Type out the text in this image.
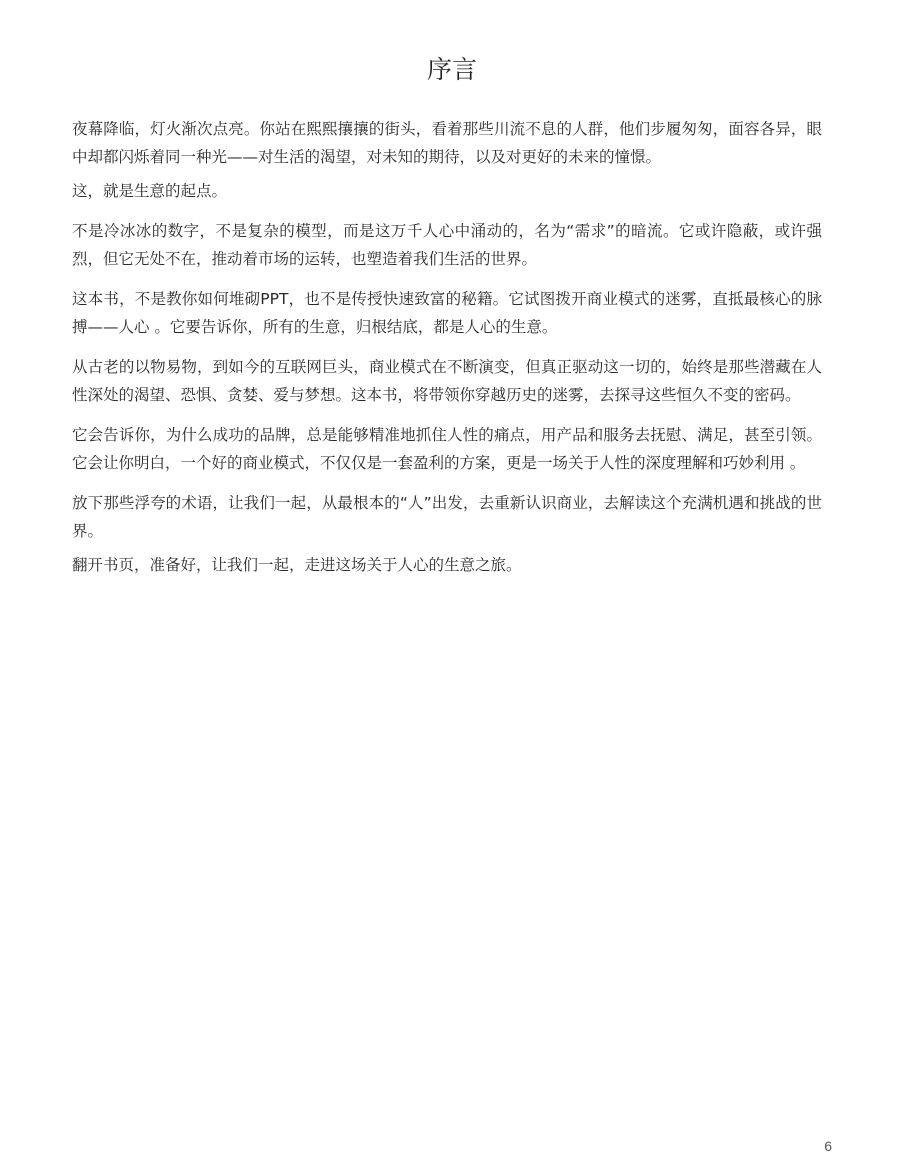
序言

夜幕降临，灯火渐次点亮。你站在熙熙攘攘的街头，看着那些川流不息的人群，他们步履匆匆，面容各异，眼中却都闪烁着同一种光——对生活的渴望，对未知的期待，以及对更好的未来的憧憬。

这，就是生意的起点。

不是冷冰冰的数字，不是复杂的模型，而是这万千人心中涌动的，名为“需求”的暗流。它或许隐蔽，或许强烈，但它无处不在，推动着市场的运转，也塑造着我们生活的世界。

这本书，不是教你如何堆砌PPT，也不是传授快速致富的秘籍。它试图拨开商业模式的迷雾，直抵最核心的脉搏——人心 。它要告诉你，所有的生意，归根结底，都是人心的生意。

从古老的以物易物，到如今的互联网巨头，商业模式在不断演变，但真正驱动这一切的，始终是那些潜藏在人性深处的渴望、恐惧、贪婪、爱与梦想。这本书，将带领你穿越历史的迷雾，去探寻这些恒久不变的密码。

它会告诉你，为什么成功的品牌，总是能够精准地抓住人性的痛点，用产品和服务去抚慰、满足，甚至引领。它会让你明白，一个好的商业模式，不仅仅是一套盈利的方案，更是一场关于人性的深度理解和巧妙利用 。

放下那些浮夸的术语，让我们一起，从最根本的“人”出发，去重新认识商业，去解读这个充满机遇和挑战的世界。

翻开书页，准备好，让我们一起，走进这场关于人心的生意之旅。

6
